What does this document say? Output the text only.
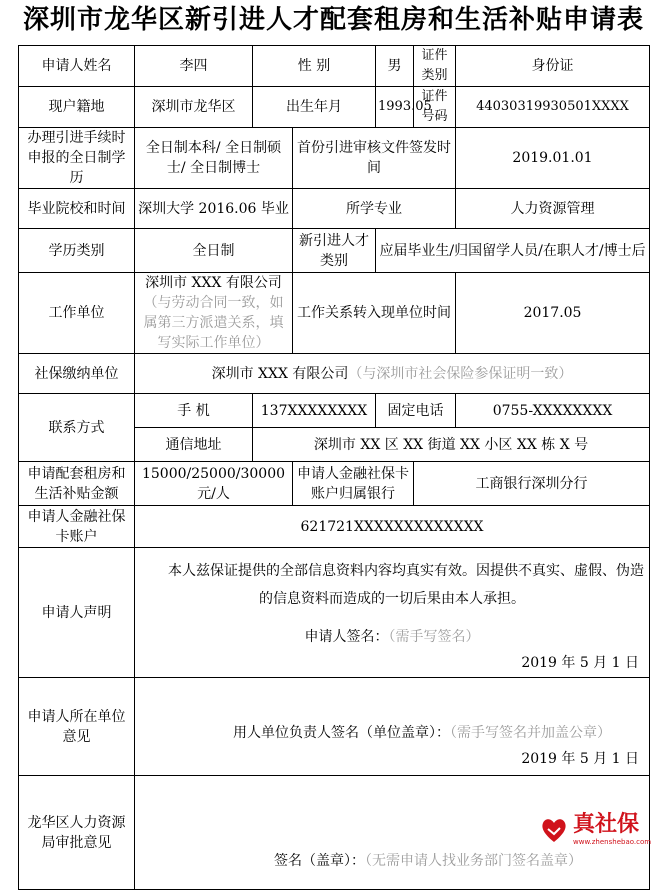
深圳市龙华区新引进人才配套租房和生活补贴申请表
申请人姓名	李四	性 别		男	证件类别	身份证
现户籍地	深圳市龙华区	出生年月		1993.05	证件号码	44030319930501XXXX
办理引进手续时申报的全日制学历	全日制本科/ 全日制硕士/ 全日制博士		首份引进审核文件签发时间			2019.01.01
毕业院校和时间	深圳大学 2016.06 毕业		所学专业			人力资源管理
学历类别	全日制		新引进人才类别	应届毕业生/归国留学人员/在职人才/博士后		
工作单位	深圳市 XXX 有限公司（与劳动合同一致，如属第三方派遣关系，填写实际工作单位）		工作关系转入现单位时间			2017.05
社保缴纳单位	深圳市 XXX 有限公司（与深圳市社会保险参保证明一致）					
联系方式	手 机	137XXXXXXXX		固定电话		0755-XXXXXXXX
	通信地址	深圳市 XX 区 XX 街道 XX 小区 XX 栋 X 号				
申请配套租房和生活补贴金额	15000/25000/30000 元/人		申请人金融社保卡账户归属银行		工商银行深圳分行	
申请人金融社保卡账户	621721XXXXXXXXXXXXX					
申请人声明	本人兹保证提供的全部信息资料内容均真实有效。因提供不真实、虚假、伪造的信息资料而造成的一切后果由本人承担。
申请人签名：（需手写签名）
2019 年 5 月 1 日					

申请人所在单位意见	用人单位负责人签名（单位盖章）：（需手写签名并加盖公章）
2019 年 5 月 1 日					

龙华区人力资源局审批意见	签名（盖章）：（无需申请人找业务部门签名盖章）					
真社保
www.zhenshebao.com
